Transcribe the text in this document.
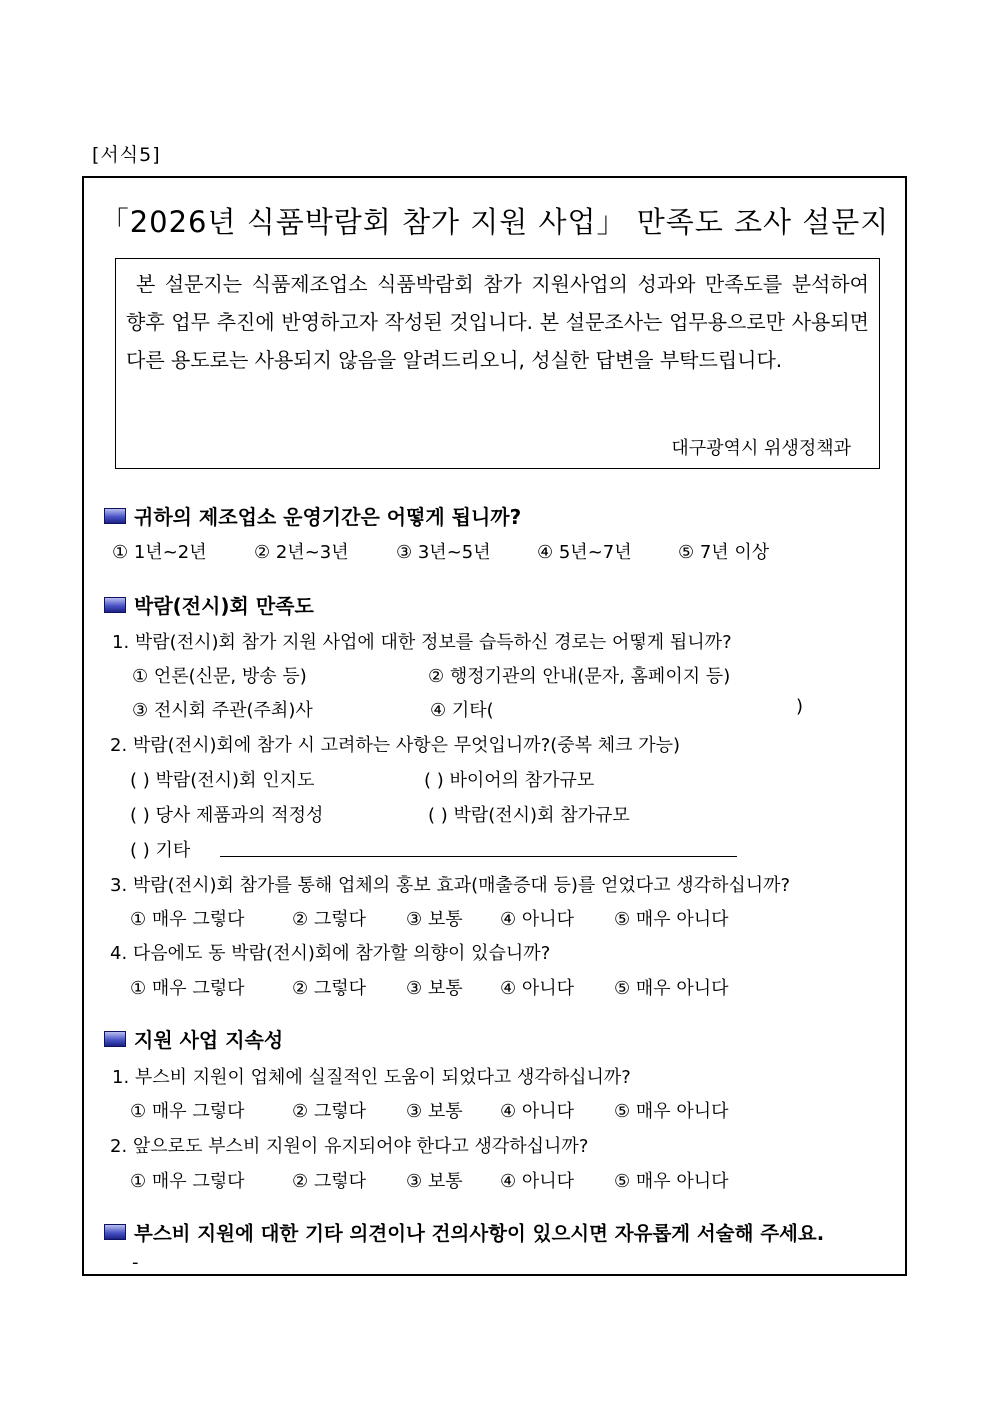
[서식5]
「2026년 식품박람회 참가 지원 사업」 만족도 조사 설문지
본 설문지는 식품제조업소 식품박람회 참가 지원사업의 성과와 만족도를 분석하여 향후 업무 추진에 반영하고자 작성된 것입니다. 본 설문조사는 업무용으로만 사용되면 다른 용도로는 사용되지 않음을 알려드리오니, 성실한 답변을 부탁드립니다.
대구광역시 위생정책과
귀하의 제조업소 운영기간은 어떻게 됩니까?
① 1년~2년	② 2년~3년	③ 3년~5년	④ 5년~7년	⑤ 7년 이상
박람(전시)회 만족도
1. 박람(전시)회 참가 지원 사업에 대한 정보를 습득하신 경로는 어떻게 됩니까?
① 언론(신문, 방송 등)	② 행정기관의 안내(문자, 홈페이지 등)
③ 전시회 주관(주최)사	④ 기타(	)
2. 박람(전시)회에 참가 시 고려하는 사항은 무엇입니까?(중복 체크 가능)
( ) 박람(전시)회 인지도	( ) 바이어의 참가규모
( ) 당사 제품과의 적정성	( ) 박람(전시)회 참가규모
( ) 기타
3. 박람(전시)회 참가를 통해 업체의 홍보 효과(매출증대 등)를 얻었다고 생각하십니까?
① 매우 그렇다	② 그렇다 ③ 보통 ④ 아니다 ⑤ 매우 아니다
4. 다음에도 동 박람(전시)회에 참가할 의향이 있습니까?
① 매우 그렇다	② 그렇다 ③ 보통 ④ 아니다 ⑤ 매우 아니다
지원 사업 지속성
1. 부스비 지원이 업체에 실질적인 도움이 되었다고 생각하십니까?
① 매우 그렇다	② 그렇다 ③ 보통 ④ 아니다 ⑤ 매우 아니다
2. 앞으로도 부스비 지원이 유지되어야 한다고 생각하십니까?
① 매우 그렇다	② 그렇다 ③ 보통 ④ 아니다 ⑤ 매우 아니다
부스비 지원에 대한 기타 의견이나 건의사항이 있으시면 자유롭게 서술해 주세요.
-
